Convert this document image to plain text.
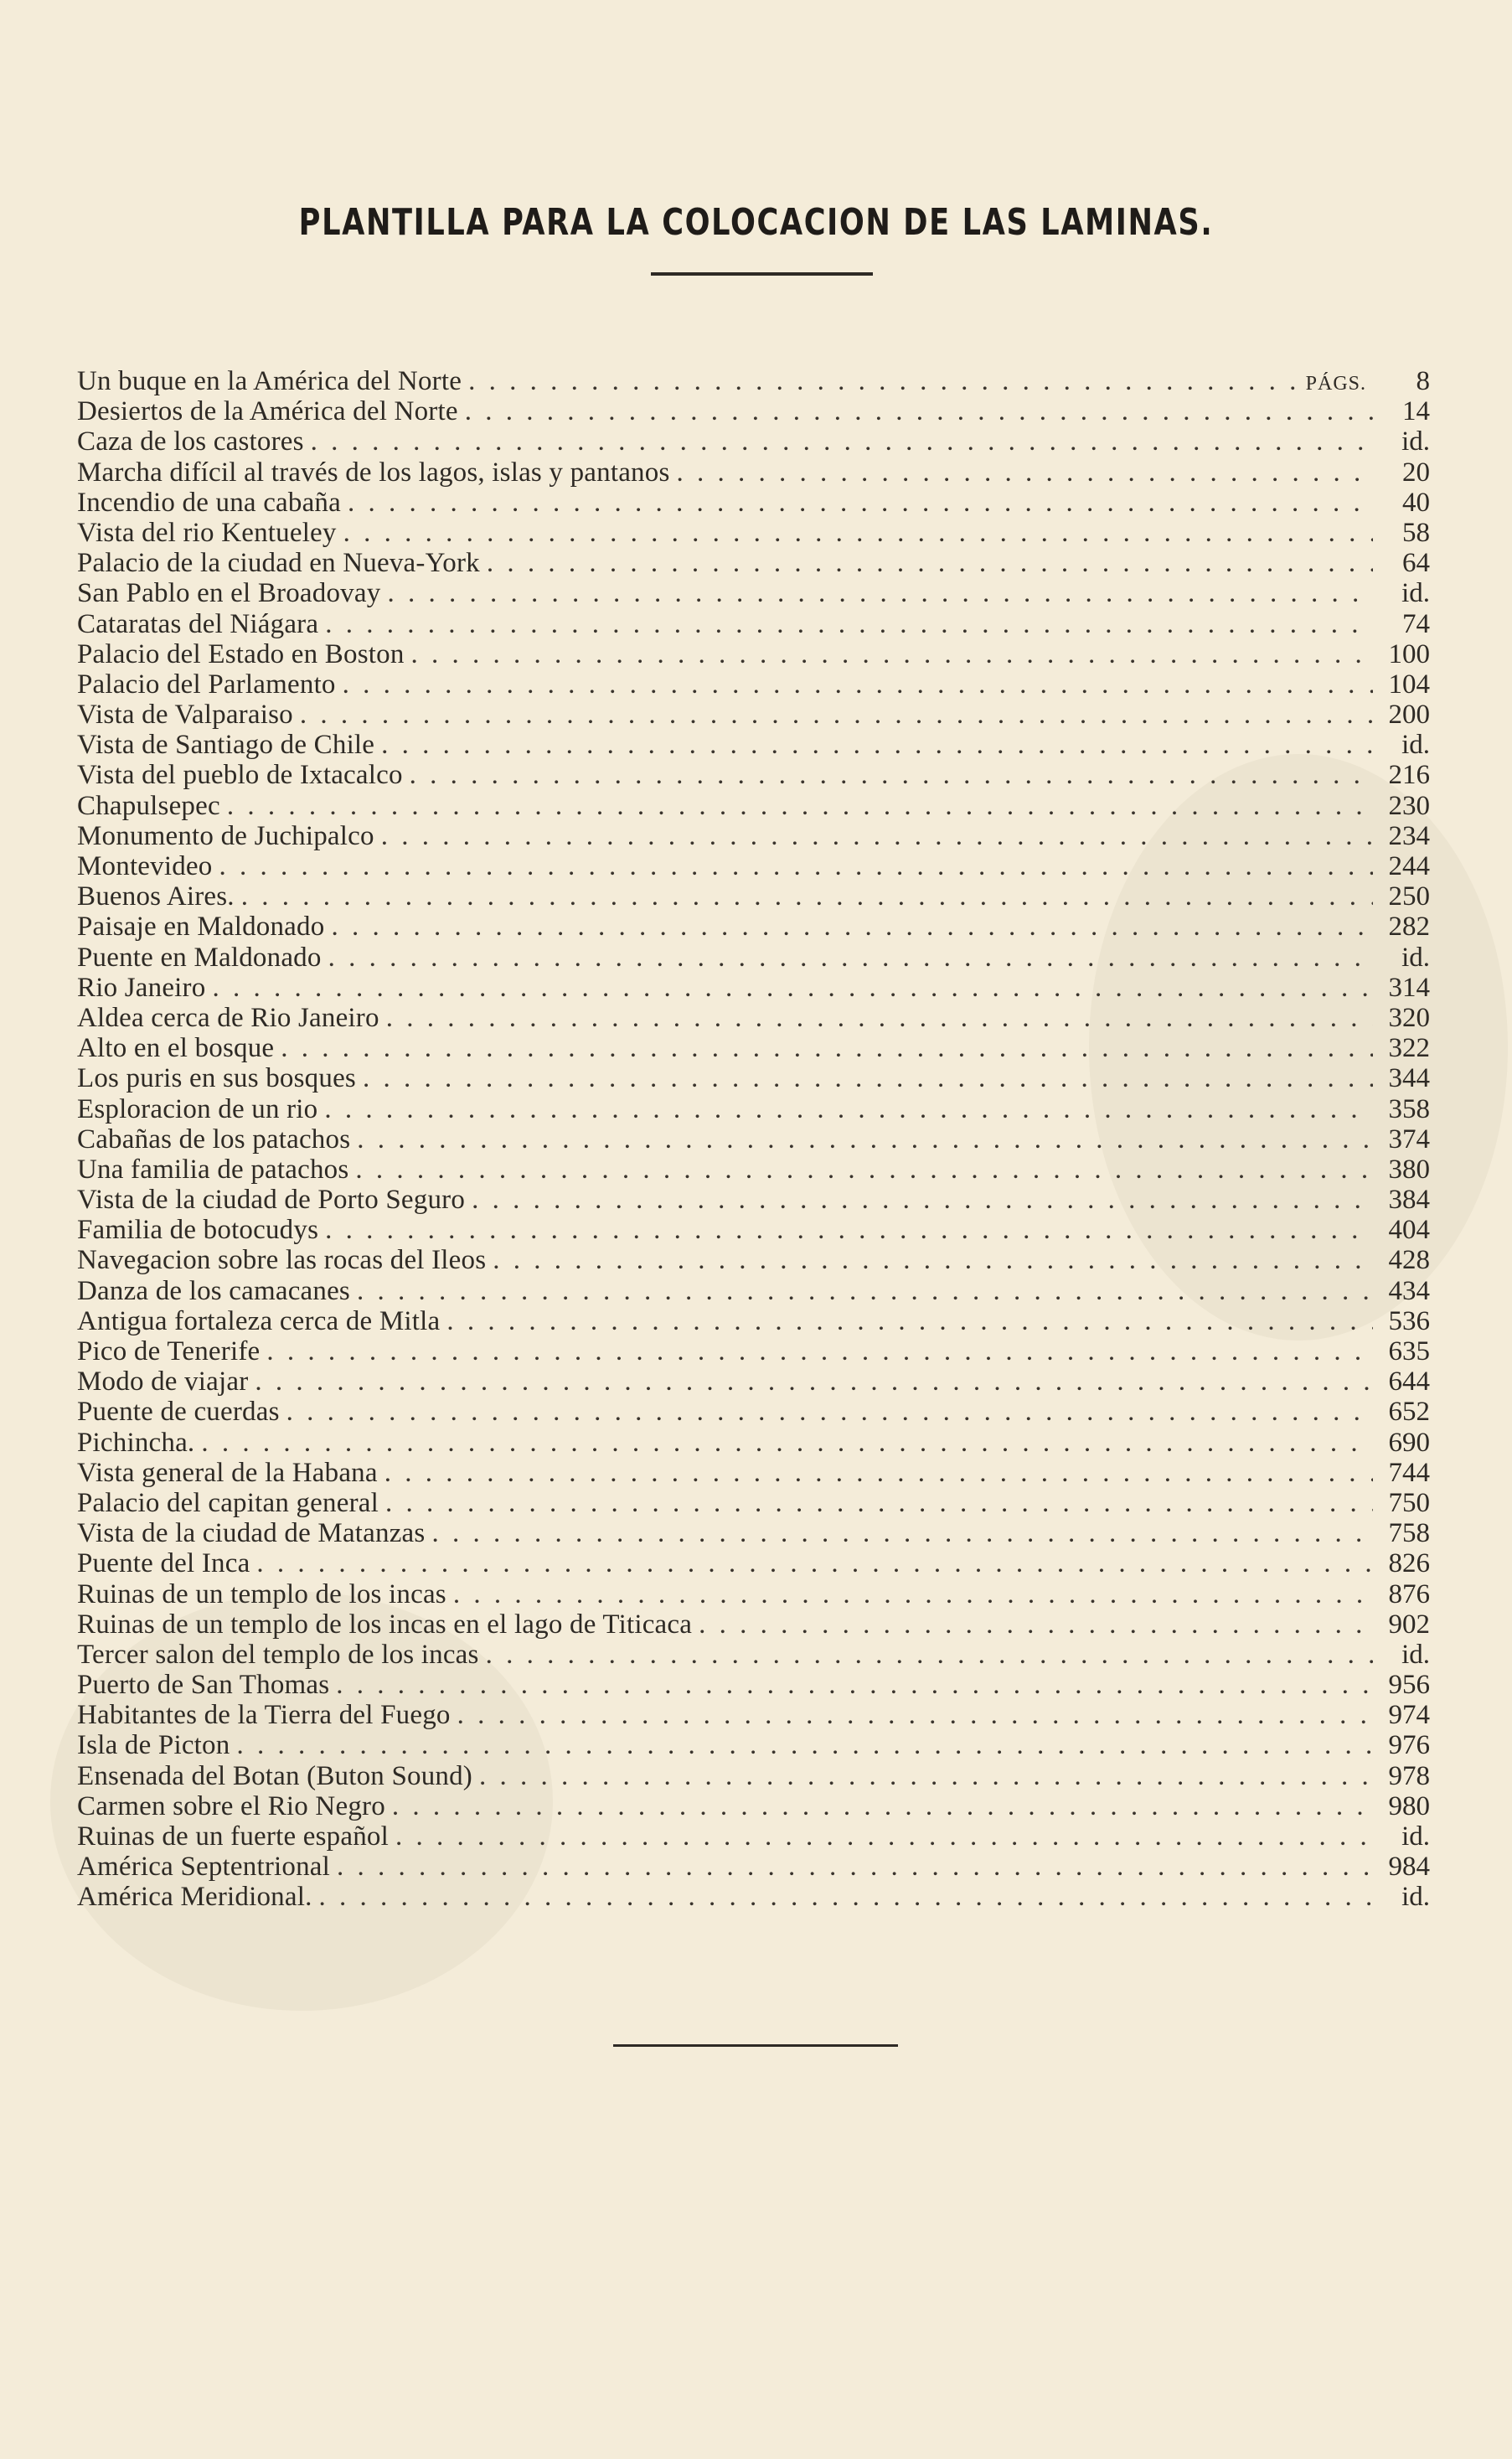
PLANTILLA PARA LA COLOCACION DE LAS LAMINAS.
Un buque en la América del Norte . . .	PÁGS.	8
Desiertos de la América del Norte . . .	14
Caza de los castores . . .	id.
Marcha difícil al través de los lagos, islas y pantanos . . .	20
Incendio de una cabaña . . .	40
Vista del rio Kentueley . . .	58
Palacio de la ciudad en Nueva-York . . .	64
San Pablo en el Broadovay . . .	id.
Cataratas del Niágara . . .	74
Palacio del Estado en Boston . . .	100
Palacio del Parlamento . . .	104
Vista de Valparaiso . . .	200
Vista de Santiago de Chile . . .	id.
Vista del pueblo de Ixtacalco . . .	216
Chapulsepec . . .	230
Monumento de Juchipalco . . .	234
Montevideo . . .	244
Buenos Aires. . . .	250
Paisaje en Maldonado . . .	282
Puente en Maldonado . . .	id.
Rio Janeiro . . .	314
Aldea cerca de Rio Janeiro . . .	320
Alto en el bosque . . .	322
Los puris en sus bosques . . .	344
Esploracion de un rio . . .	358
Cabañas de los patachos . . .	374
Una familia de patachos . . .	380
Vista de la ciudad de Porto Seguro . . .	384
Familia de botocudys . . .	404
Navegacion sobre las rocas del Ileos . . .	428
Danza de los camacanes . . .	434
Antigua fortaleza cerca de Mitla . . .	536
Pico de Tenerife . . .	635
Modo de viajar . . .	644
Puente de cuerdas . . .	652
Pichincha. . . .	690
Vista general de la Habana . . .	744
Palacio del capitan general . . .	750
Vista de la ciudad de Matanzas . . .	758
Puente del Inca . . .	826
Ruinas de un templo de los incas . . .	876
Ruinas de un templo de los incas en el lago de Titicaca . . .	902
Tercer salon del templo de los incas . . .	id.
Puerto de San Thomas . . .	956
Habitantes de la Tierra del Fuego . . .	974
Isla de Picton . . .	976
Ensenada del Botan (Buton Sound) . . .	978
Carmen sobre el Rio Negro . . .	980
Ruinas de un fuerte español . . .	id.
América Septentrional . . .	984
América Meridional. . . .	id.
